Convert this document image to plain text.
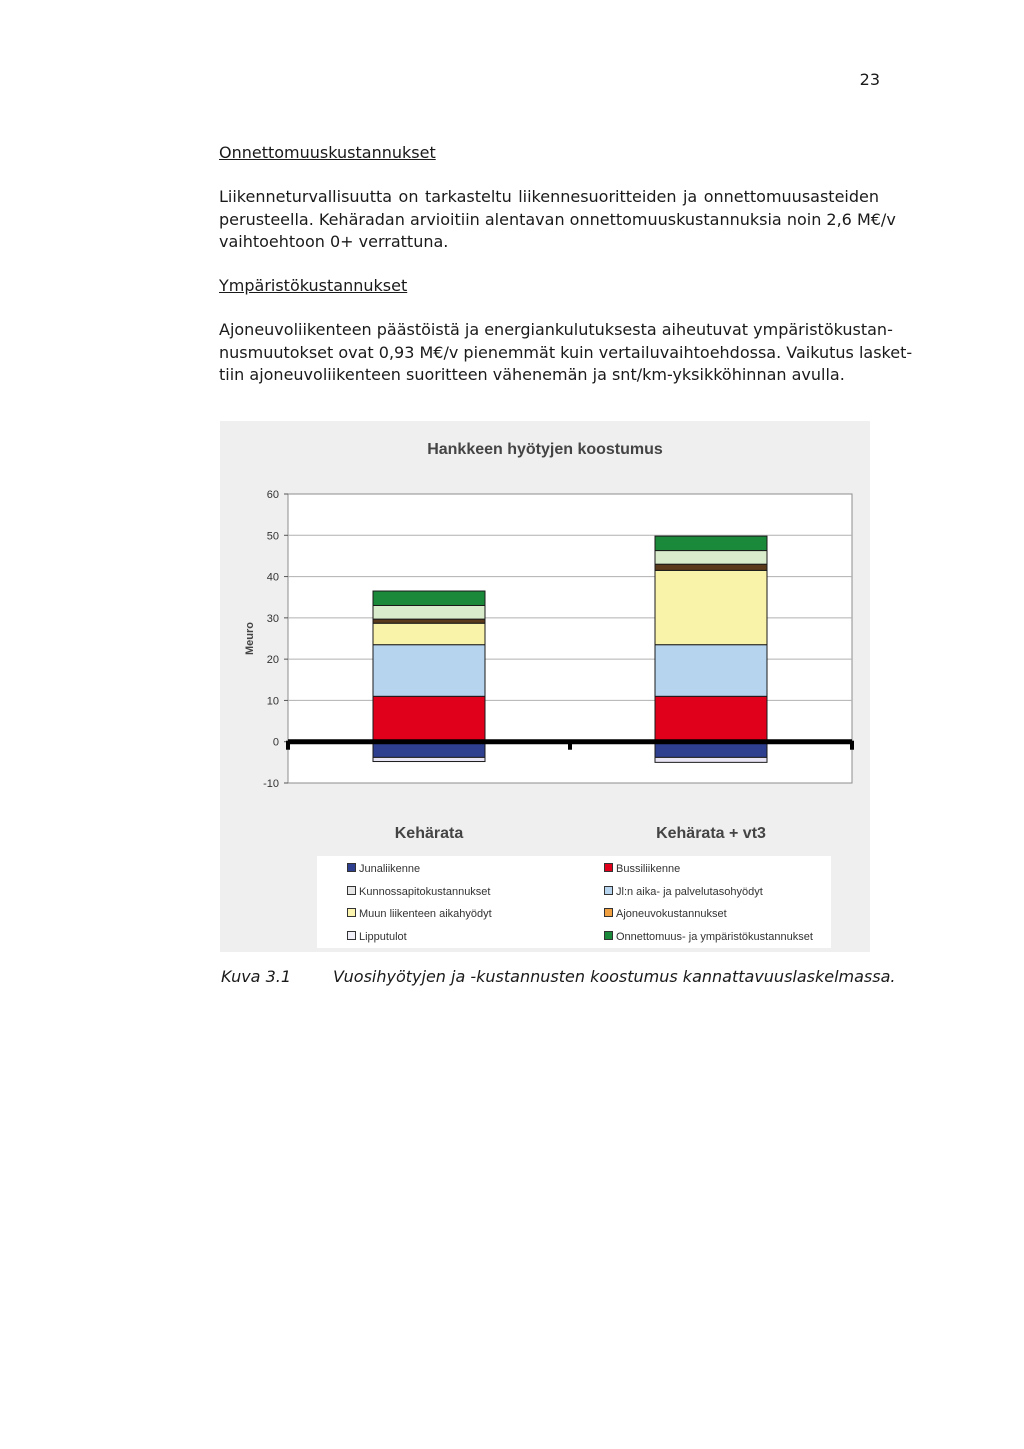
23
Onnettomuuskustannukset
Liikenneturvallisuutta on tarkasteltu liikennesuoritteiden ja onnettomuusasteiden
perusteella. Kehäradan arvioitiin alentavan onnettomuuskustannuksia noin 2,6 M€/v
vaihtoehtoon 0+ verrattuna.
Ympäristökustannukset
Ajoneuvoliikenteen päästöistä ja energiankulutuksesta aiheutuvat ympäristökustan-
nusmuutokset ovat 0,93 M€/v pienemmät kuin vertailuvaihtoehdossa. Vaikutus lasket-
tiin ajoneuvoliikenteen suoritteen vähenemän ja snt/km-yksikköhinnan avulla.
Hankkeen hyötyjen koostumus
60
50
40
30
20
10
0
-10
Meuro
Kehärata	Kehärata + vt3
Junaliikenne	Bussiliikenne
Kunnossapitokustannukset	Jl:n aika- ja palvelutasohyödyt
Muun liikenteen aikahyödyt	Ajoneuvokustannukset
Lipputulot	Onnettomuus- ja ympäristökustannukset
Kuva 3.1	Vuosihyötyjen ja -kustannusten koostumus kannattavuuslaskelmassa.
